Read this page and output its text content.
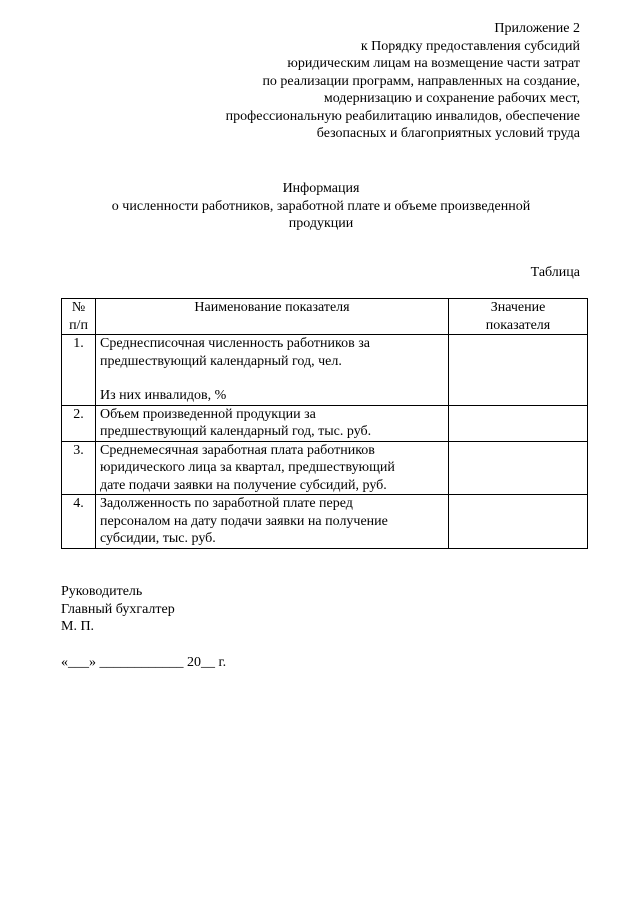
Приложение 2
к Порядку предоставления субсидий
юридическим лицам на возмещение части затрат
по реализации программ, направленных на создание,
модернизацию и сохранение рабочих мест,
профессиональную реабилитацию инвалидов, обеспечение
безопасных и благоприятных условий труда
Информация
о численности работников, заработной плате и объеме произведенной
продукции
Таблица
№
п/п	Наименование показателя	Значение
показателя

1.	Среднесписочная численность работников за
предшествующий календарный год, чел.
Из них инвалидов, %	

2.	Объем произведенной продукции за
предшествующий календарный год, тыс. руб.	

3.	Среднемесячная заработная плата работников
юридического лица за квартал, предшествующий
дате подачи заявки на получение субсидий, руб.	

4.	Задолженность по заработной плате перед
персоналом на дату подачи заявки на получение
субсидии, тыс. руб.	

Руководитель
Главный бухгалтер
М. П.
«___» ____________ 20__ г.
